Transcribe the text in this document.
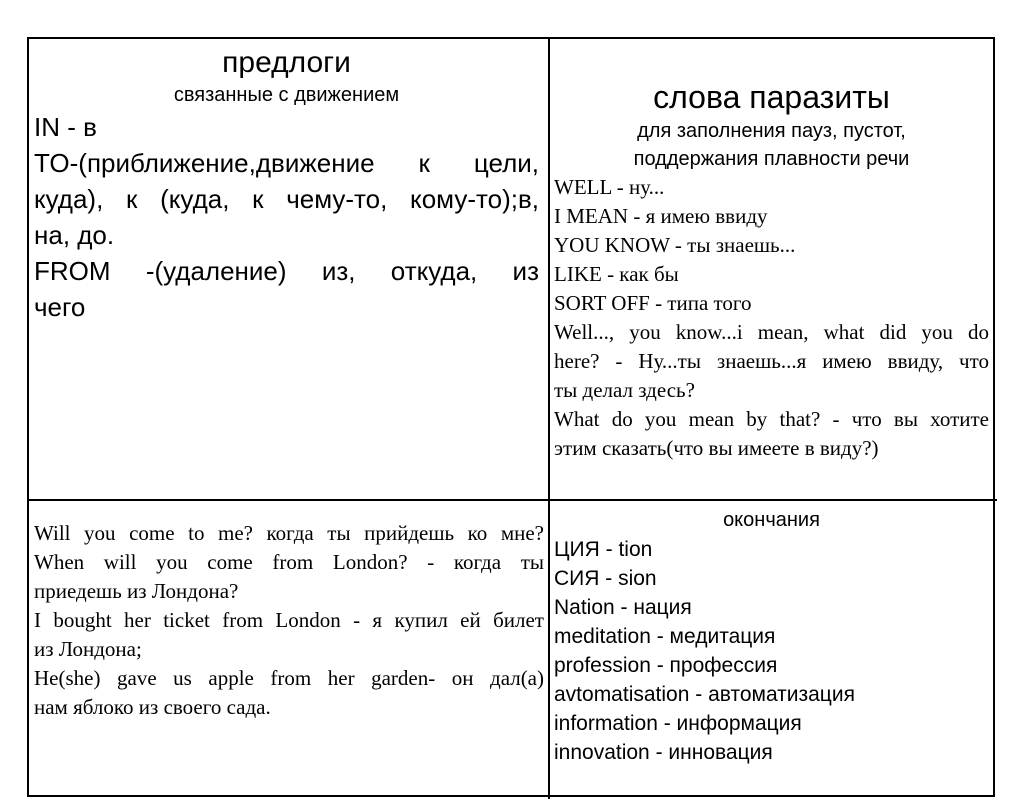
предлоги
связанные с движением
IN - в
TO-(приближение,движение к цели,
куда), к (куда, к чему-то, кому-то);в,
на, до.
FROM -(удаление) из, откуда, из
чего
слова паразиты
для заполнения пауз, пустот,
поддержания плавности речи
WELL - ну...
I MEAN - я имею ввиду
YOU KNOW - ты знаешь...
LIKE - как бы
SORT OFF - типа того
Well..., you know...i mean, what did you do
here? - Ну...ты знаешь...я имею ввиду, что
ты делал здесь?
What do you mean by that? - что вы хотите
этим сказать(что вы имеете в виду?)
Will you come to me? когда ты прийдешь ко мне?
When will you come from London? - когда ты
приедешь из Лондона?
I bought her ticket from London - я купил ей билет
из Лондона;
He(she) gave us apple from her garden- он дал(а)
нам яблоко из своего сада.
окончания
ЦИЯ - tion
СИЯ - sion
Nation - нация
meditation - медитация
profession - профессия
avtomatisation - автоматизация
information - информация
innovation - инновация
